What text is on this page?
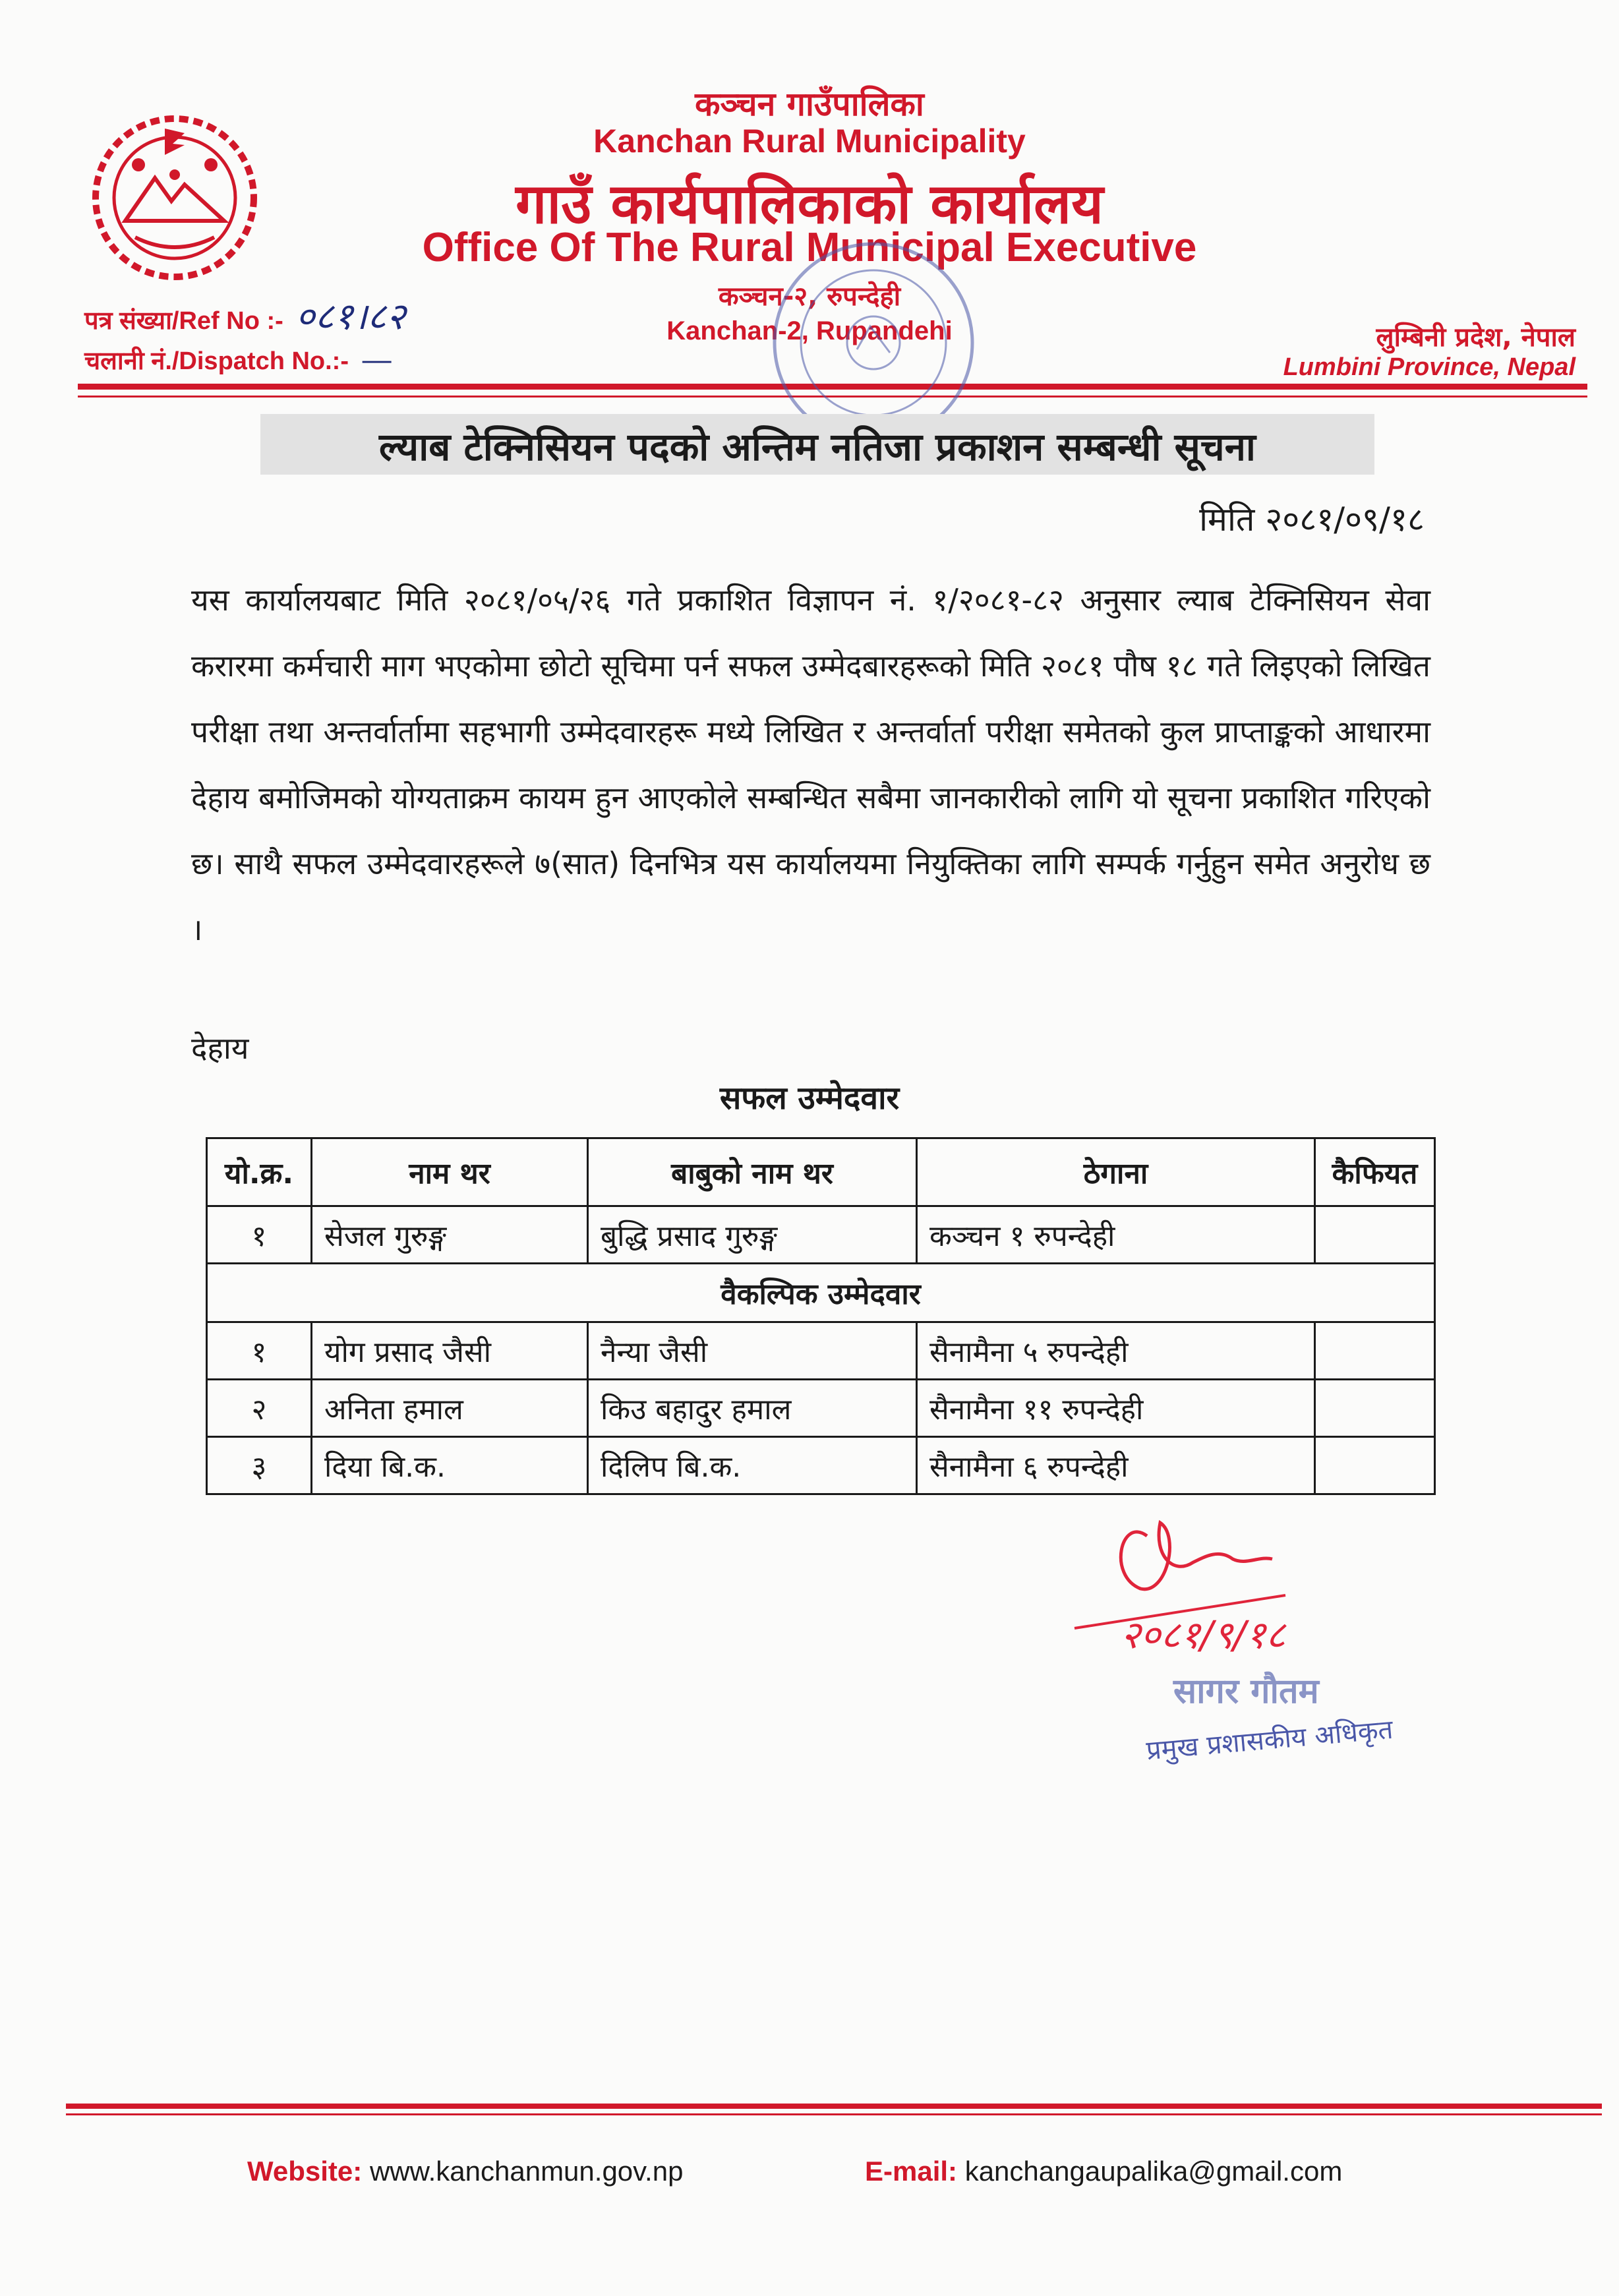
कञ्चन गाउँपालिका
Kanchan Rural Municipality
गाउँ कार्यपालिकाको कार्यालय
Office Of The Rural Municipal Executive
कञ्चन-२, रुपन्देही
Kanchan-2, Rupandehi
पत्र संख्या/Ref No :- ०८१।८२
चलानी नं./Dispatch No.:- —
लुम्बिनी प्रदेश, नेपाल
Lumbini Province, Nepal
ल्याब टेक्निसियन पदको अन्तिम नतिजा प्रकाशन सम्बन्धी सूचना
मिति २०८१/०९/१८
यस कार्यालयबाट मिति २०८१/०५/२६ गते प्रकाशित विज्ञापन नं. १/२०८१-८२ अनुसार ल्याब टेक्निसियन सेवा करारमा कर्मचारी माग भएकोमा छोटो सूचिमा पर्न सफल उम्मेदबारहरूको मिति २०८१ पौष १८ गते लिइएको लिखित परीक्षा तथा अन्तर्वार्तामा सहभागी उम्मेदवारहरू मध्ये लिखित र अन्तर्वार्ता परीक्षा समेतको कुल प्राप्ताङ्कको आधारमा देहाय बमोजिमको योग्यताक्रम कायम हुन आएकोले सम्बन्धित सबैमा जानकारीको लागि यो सूचना प्रकाशित गरिएको छ। साथै सफल उम्मेदवारहरूले ७(सात) दिनभित्र यस कार्यालयमा नियुक्तिका लागि सम्पर्क गर्नुहुन समेत अनुरोध छ ।
देहाय
सफल उम्मेदवार
यो.क्र.	नाम थर	बाबुको नाम थर	ठेगाना	कैफियत
१	सेजल गुरुङ्ग	बुद्धि प्रसाद गुरुङ्ग	कञ्चन १ रुपन्देही	
वैकल्पिक उम्मेदवार				
१	योग प्रसाद जैसी	नैन्या जैसी	सैनामैना ५ रुपन्देही	
२	अनिता हमाल	किउ बहादुर हमाल	सैनामैना ११ रुपन्देही	
३	दिया बि.क.	दिलिप बि.क.	सैनामैना ६ रुपन्देही	
२०८१/९/१८
सागर गौतम
प्रमुख प्रशासकीय अधिकृत
Website: www.kanchanmun.gov.np	E-mail: kanchangaupalika@gmail.com
